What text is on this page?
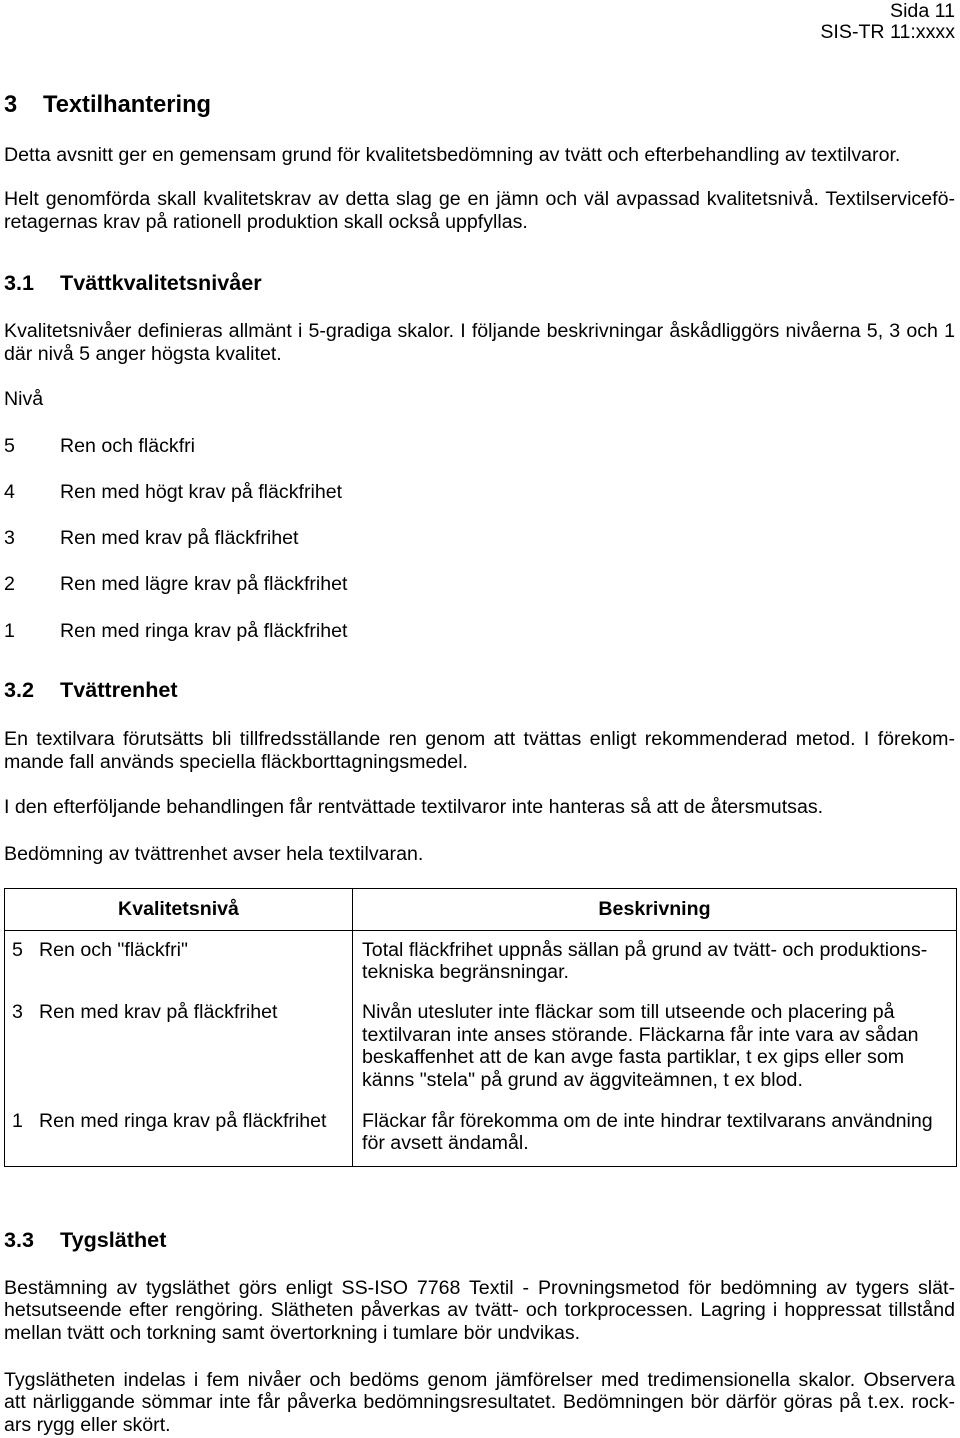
Sida 11
SIS-TR 11:xxxx
3 Textilhantering
Detta avsnitt ger en gemensam grund för kvalitetsbedömning av tvätt och efterbehandling av textilvaror.
Helt genomförda skall kvalitetskrav av detta slag ge en jämn och väl avpassad kvalitetsnivå. Textilservicefö-
retagernas krav på rationell produktion skall också uppfyllas.
3.1 Tvättkvalitetsnivåer
Kvalitetsnivåer definieras allmänt i 5-gradiga skalor. I följande beskrivningar åskådliggörs nivåerna 5, 3 och 1
där nivå 5 anger högsta kvalitet.
Nivå
5 Ren och fläckfri
4 Ren med högt krav på fläckfrihet
3 Ren med krav på fläckfrihet
2 Ren med lägre krav på fläckfrihet
1 Ren med ringa krav på fläckfrihet
3.2 Tvättrenhet
En textilvara förutsätts bli tillfredsställande ren genom att tvättas enligt rekommenderad metod. I förekom-
mande fall används speciella fläckborttagningsmedel.
I den efterföljande behandlingen får rentvättade textilvaror inte hanteras så att de återsmutsas.
Bedömning av tvättrenhet avser hela textilvaran.
Kvalitetsnivå	Beskrivning
5 Ren och "fläckfri"	Total fläckfrihet uppnås sällan på grund av tvätt- och produktions-
tekniska begränsningar.

3 Ren med krav på fläckfrihet	Nivån utesluter inte fläckar som till utseende och placering på
textilvaran inte anses störande. Fläckarna får inte vara av sådan
beskaffenhet att de kan avge fasta partiklar, t ex gips eller som
känns "stela" på grund av äggviteämnen, t ex blod.

1 Ren med ringa krav på fläckfrihet	Fläckar får förekomma om de inte hindrar textilvarans användning
för avsett ändamål.
3.3 Tygsläthet
Bestämning av tygsläthet görs enligt SS-ISO 7768 Textil - Provningsmetod för bedömning av tygers slät-
hetsutseende efter rengöring. Slätheten påverkas av tvätt- och torkprocessen. Lagring i hoppressat tillstånd
mellan tvätt och torkning samt övertorkning i tumlare bör undvikas.
Tygslätheten indelas i fem nivåer och bedöms genom jämförelser med tredimensionella skalor. Observera
att närliggande sömmar inte får påverka bedömningsresultatet. Bedömningen bör därför göras på t.ex. rock-
ars rygg eller skört.
